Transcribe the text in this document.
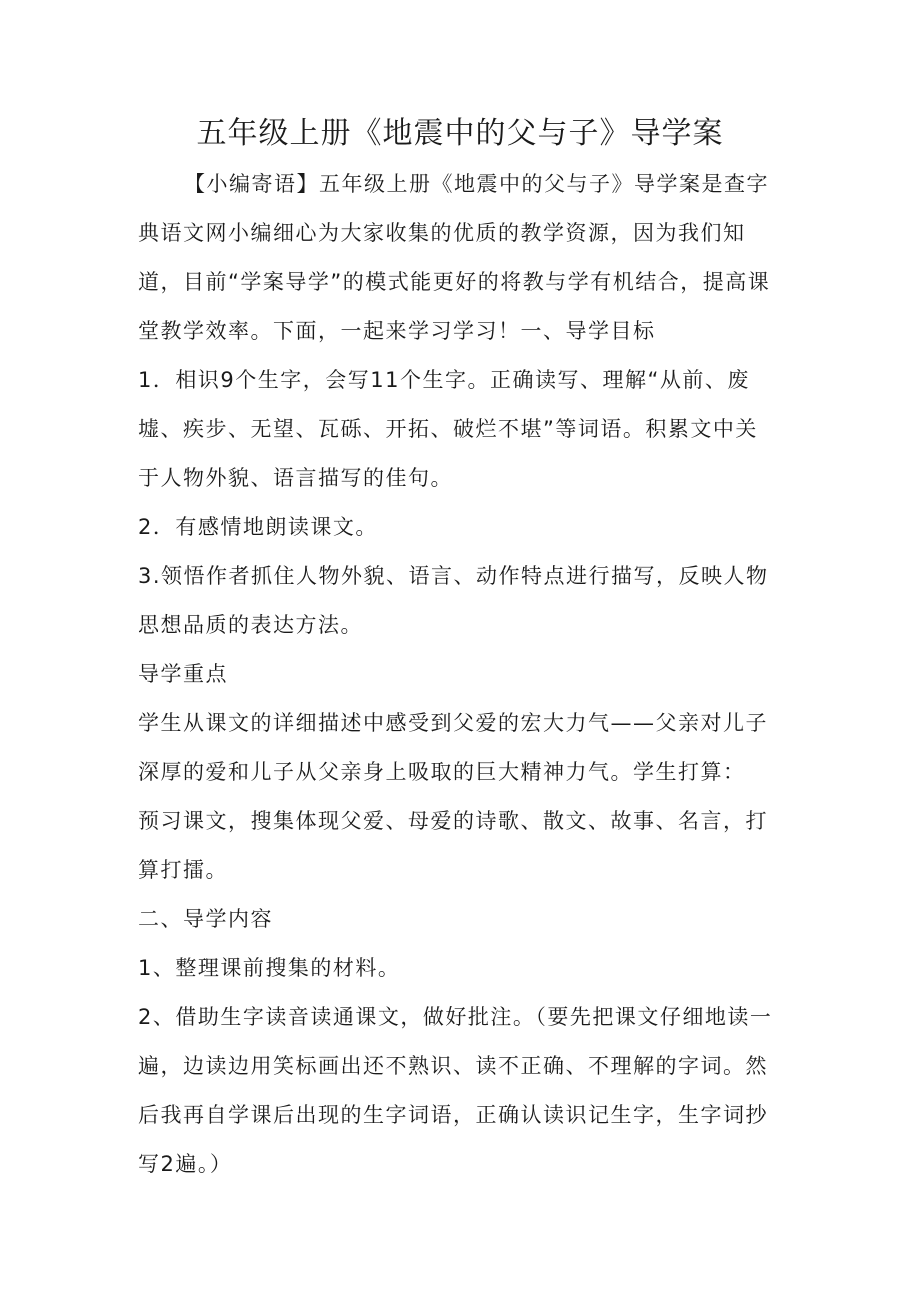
五年级上册《地震中的父与子》导学案

【小编寄语】五年级上册《地震中的父与子》导学案是查字典语文网小编细心为大家收集的优质的教学资源，因为我们知道，目前“学案导学”的模式能更好的将教与学有机结合，提高课堂教学效率。下面，一起来学习学习！一、导学目标

1．相识9个生字，会写11个生字。正确读写、理解“从前、废墟、疾步、无望、瓦砾、开拓、破烂不堪”等词语。积累文中关于人物外貌、语言描写的佳句。

2．有感情地朗读课文。

3.领悟作者抓住人物外貌、语言、动作特点进行描写，反映人物思想品质的表达方法。

导学重点

学生从课文的详细描述中感受到父爱的宏大力气——父亲对儿子深厚的爱和儿子从父亲身上吸取的巨大精神力气。学生打算：

预习课文，搜集体现父爱、母爱的诗歌、散文、故事、名言，打算打擂。

二、导学内容

1、整理课前搜集的材料。

2、借助生字读音读通课文，做好批注。（要先把课文仔细地读一遍，边读边用笑标画出还不熟识、读不正确、不理解的字词。然后我再自学课后出现的生字词语，正确认读识记生字，生字词抄写2遍。）
